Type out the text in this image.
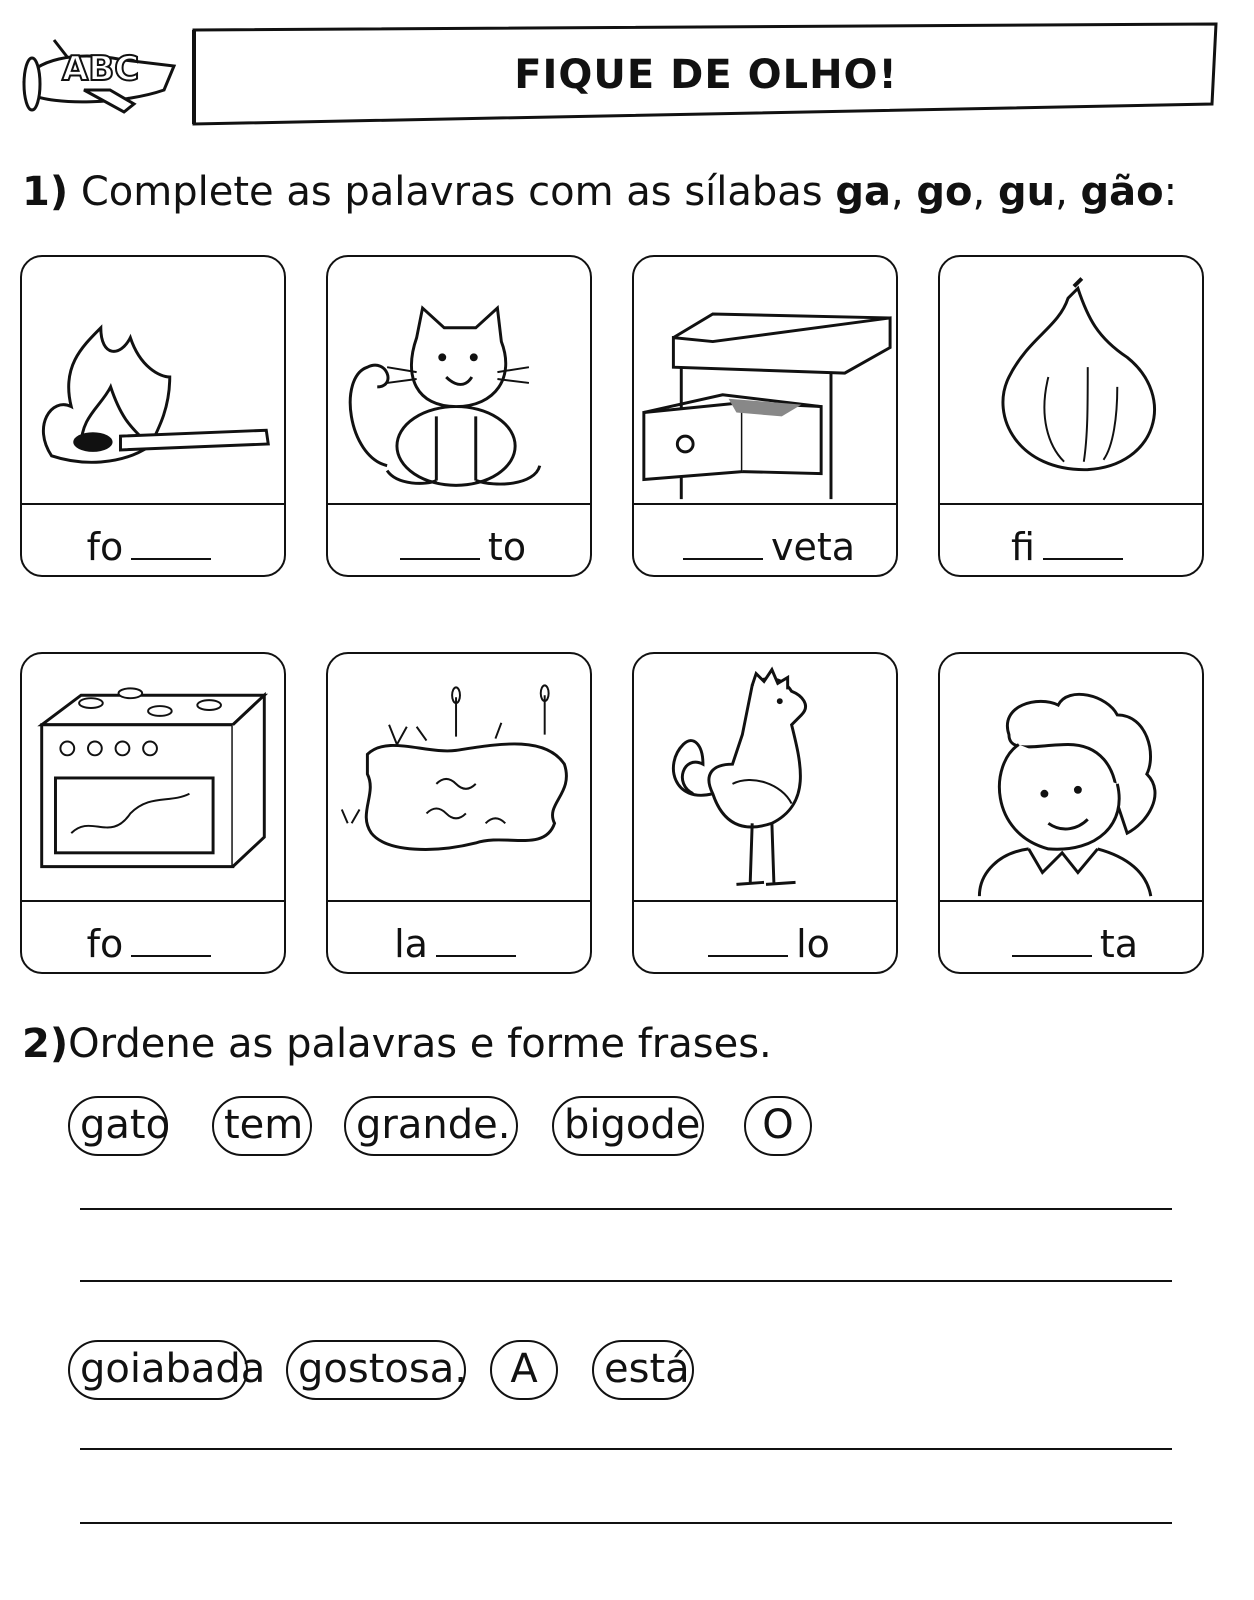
ABC	FIQUE DE OLHO!
1) Complete as palavras com as sílabas ga, go, gu, gão:
fo	to	veta	fi
fo	la	lo	ta
2)Ordene as palavras e forme frases.
gato	tem	grande.	bigode	O
goiabada gostosa.	A	está
